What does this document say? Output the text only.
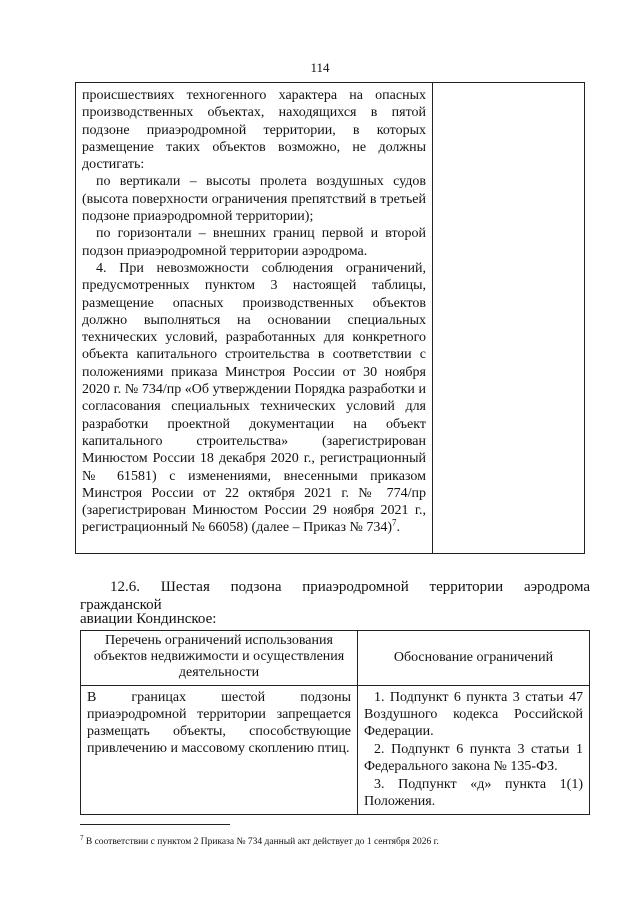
114

происшествиях техногенного характера на опасных производственных объектах, находящихся в пятой подзоне приаэродромной территории, в которых размещение таких объектов возможно, не должны достигать:

по вертикали – высоты пролета воздушных судов (высота поверхности ограничения препятствий в третьей подзоне приаэродромной территории);

по горизонтали – внешних границ первой и второй подзон приаэродромной территории аэродрома.

4. При невозможности соблюдения ограничений, предусмотренных пунктом 3 настоящей таблицы, размещение опасных производственных объектов должно выполняться на основании специальных технических условий, разработанных для конкретного объекта капитального строительства в соответствии с положениями приказа Минстроя России от 30 ноября 2020 г. № 734/пр «Об утверждении Порядка разработки и согласования специальных технических условий для разработки проектной документации на объект капитального строительства» (зарегистрирован Минюстом России 18 декабря 2020 г., регистрационный № 61581) с изменениями, внесенными приказом Минстроя России от 22 октября 2021 г. № 774/пр (зарегистрирован Минюстом России 29 ноября 2021 г., регистрационный № 66058) (далее – Приказ № 734)$^7$.

12.6. Шестая подзона приаэродромной территории аэродрома гражданской
авиации Кондинское:
Перечень ограничений использования объектов недвижимости и осуществления деятельности	Обоснование ограничений

В границах шестой подзоны приаэродромной территории запрещается размещать объекты, способствующие привлечению и массовому скоплению птиц.	1. Подпункт 6 пункта 3 статьи 47 Воздушного кодекса Российской Федерации.

2. Подпункт 6 пункта 3 статьи 1 Федерального закона № 135-ФЗ.

3. Подпункт «д» пункта 1(1) Положения.

$^7$ В соответствии с пунктом 2 Приказа № 734 данный акт действует до 1 сентября 2026 г.
